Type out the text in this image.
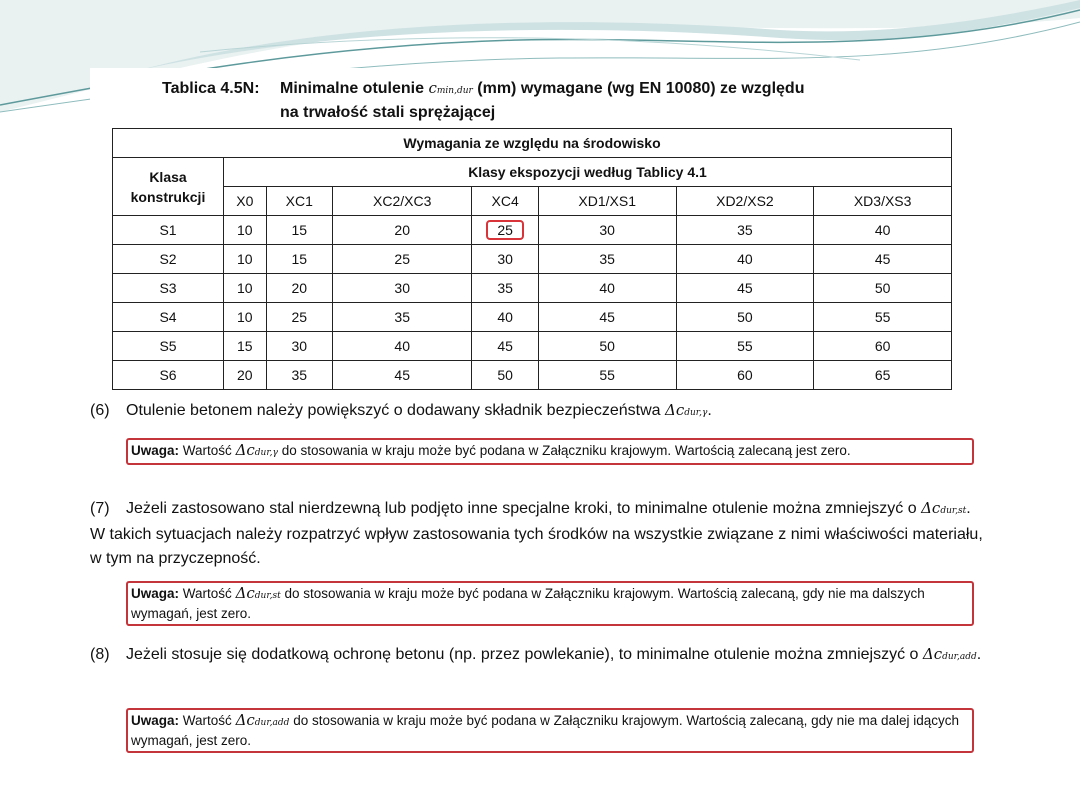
Tablica 4.5N: Minimalne otulenie cmin,dur (mm) wymagane (wg EN 10080) ze względu
na trwałość stali sprężającej
Wymagania ze względu na środowisko							
Klasa
konstrukcji	Klasy ekspozycji według Tablicy 4.1						
	X0	XC1	XC2/XC3	XC4	XD1/XS1	XD2/XS2	XD3/XS3
S1	10	15	20	25	30	35	40
S2	10	15	25	30	35	40	45
S3	10	20	30	35	40	45	50
S4	10	25	35	40	45	50	55
S5	15	30	40	45	50	55	60
S6	20	35	45	50	55	60	65
(6) Otulenie betonem należy powiększyć o dodawany składnik bezpieczeństwa Δcdur,γ.
Uwaga: Wartość Δcdur,γ do stosowania w kraju może być podana w Załączniku krajowym. Wartością zalecaną jest zero.
(7) Jeżeli zastosowano stal nierdzewną lub podjęto inne specjalne kroki, to minimalne otulenie można zmniejszyć o Δcdur,st. W takich sytuacjach należy rozpatrzyć wpływ zastosowania tych środków na wszystkie związane z nimi właściwości materiału, w tym na przyczepność.
Uwaga: Wartość Δcdur,st do stosowania w kraju może być podana w Załączniku krajowym. Wartością zalecaną, gdy nie ma dalszych wymagań, jest zero.
(8) Jeżeli stosuje się dodatkową ochronę betonu (np. przez powlekanie), to minimalne otulenie można zmniejszyć o Δcdur,add.
Uwaga: Wartość Δcdur,add do stosowania w kraju może być podana w Załączniku krajowym. Wartością zalecaną, gdy nie ma dalej idących wymagań, jest zero.
